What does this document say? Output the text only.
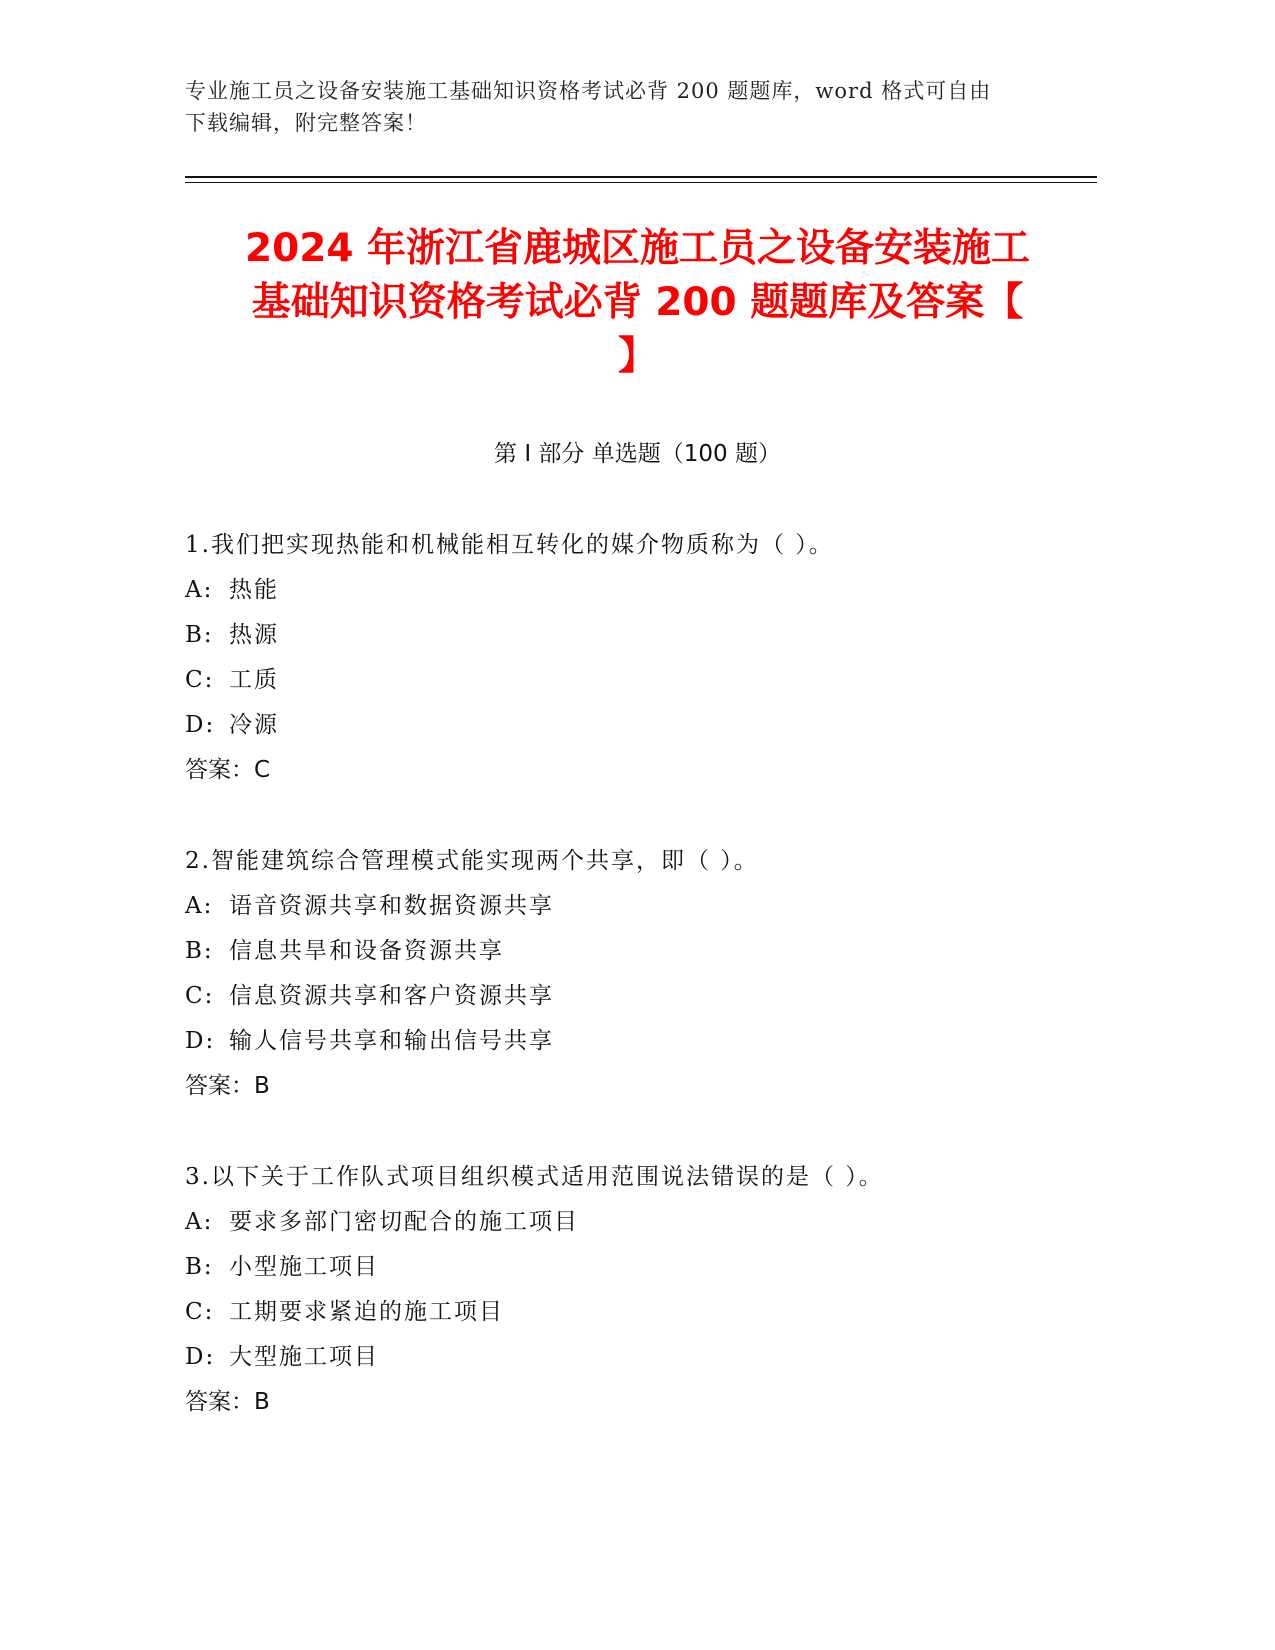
专业施工员之设备安装施工基础知识资格考试必背 200 题题库，word 格式可自由
下载编辑，附完整答案！
2024 年浙江省鹿城区施工员之设备安装施工
基础知识资格考试必背 200 题题库及答案【
】
第 I 部分 单选题（100 题）
1.我们把实现热能和机械能相互转化的媒介物质称为（ ）。
A: 热能
B: 热源
C: 工质
D: 冷源
答案：C
2.智能建筑综合管理模式能实现两个共享，即（ ）。
A: 语音资源共享和数据资源共享
B: 信息共旱和设备资源共享
C: 信息资源共享和客户资源共享
D: 输人信号共享和输出信号共享
答案：B
3.以下关于工作队式项目组织模式适用范围说法错误的是（ ）。
A: 要求多部门密切配合的施工项目
B: 小型施工项目
C: 工期要求紧迫的施工项目
D: 大型施工项目
答案：B
